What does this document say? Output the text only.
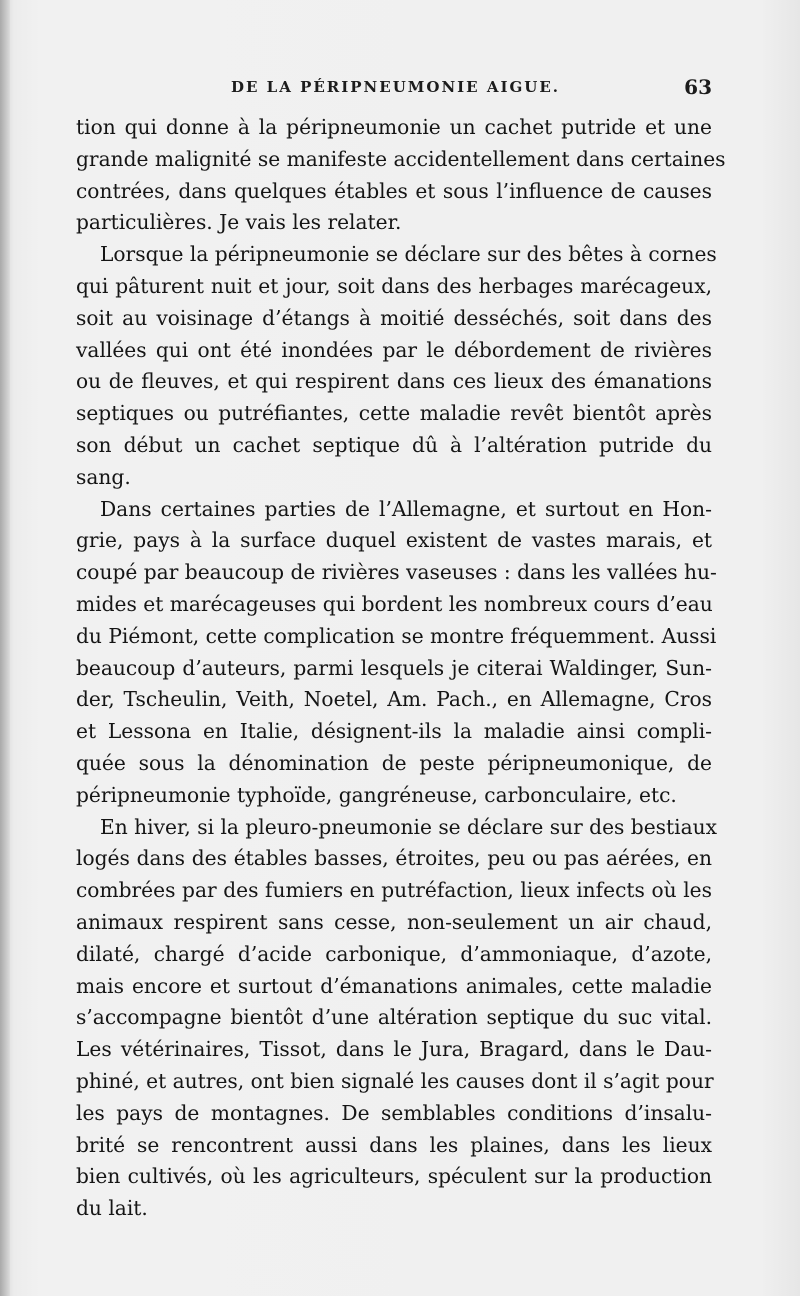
DE LA PÉRIPNEUMONIE AIGUE.	63
tion qui donne à la péripneumonie un cachet putride et une
grande malignité se manifeste accidentellement dans certaines
contrées, dans quelques étables et sous l’influence de causes
particulières. Je vais les relater.
Lorsque la péripneumonie se déclare sur des bêtes à cornes
qui pâturent nuit et jour, soit dans des herbages marécageux,
soit au voisinage d’étangs à moitié desséchés, soit dans des
vallées qui ont été inondées par le débordement de rivières
ou de fleuves, et qui respirent dans ces lieux des émanations
septiques ou putréfiantes, cette maladie revêt bientôt après
son début un cachet septique dû à l’altération putride du
sang.
Dans certaines parties de l’Allemagne, et surtout en Hon-
grie, pays à la surface duquel existent de vastes marais, et
coupé par beaucoup de rivières vaseuses : dans les vallées hu-
mides et marécageuses qui bordent les nombreux cours d’eau
du Piémont, cette complication se montre fréquemment. Aussi
beaucoup d’auteurs, parmi lesquels je citerai Waldinger, Sun-
der, Tscheulin, Veith, Noetel, Am. Pach., en Allemagne, Cros
et Lessona en Italie, désignent-ils la maladie ainsi compli-
quée sous la dénomination de peste péripneumonique, de
péripneumonie typhoïde, gangréneuse, carbonculaire, etc.
En hiver, si la pleuro-pneumonie se déclare sur des bestiaux
logés dans des étables basses, étroites, peu ou pas aérées, en
combrées par des fumiers en putréfaction, lieux infects où les
animaux respirent sans cesse, non-seulement un air chaud,
dilaté, chargé d’acide carbonique, d’ammoniaque, d’azote,
mais encore et surtout d’émanations animales, cette maladie
s’accompagne bientôt d’une altération septique du suc vital.
Les vétérinaires, Tissot, dans le Jura, Bragard, dans le Dau-
phiné, et autres, ont bien signalé les causes dont il s’agit pour
les pays de montagnes. De semblables conditions d’insalu-
brité se rencontrent aussi dans les plaines, dans les lieux
bien cultivés, où les agriculteurs, spéculent sur la production
du lait.
